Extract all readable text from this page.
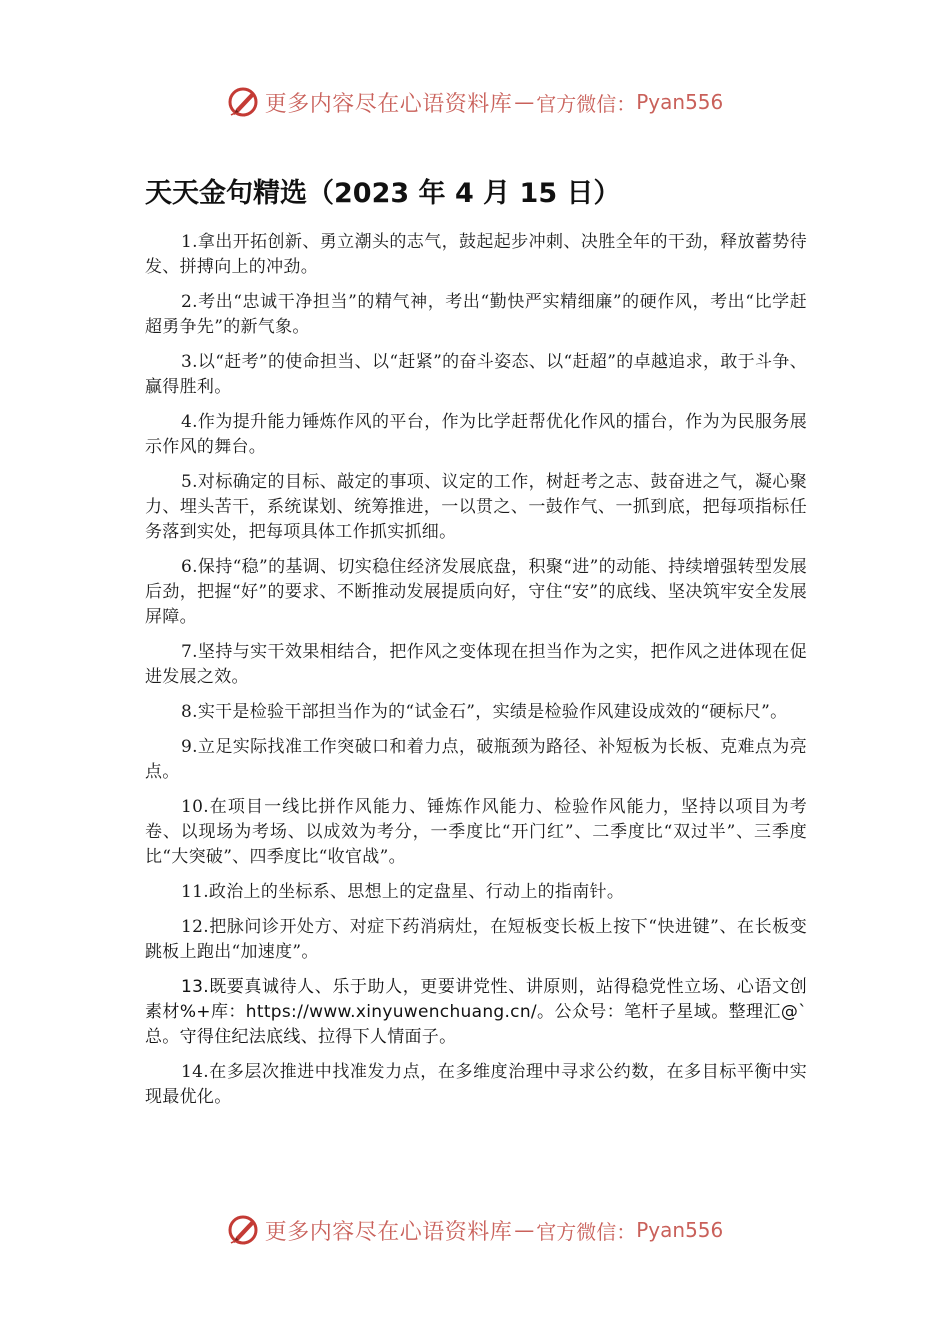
更多内容尽在心语资料库 — 官方微信： Pyan556
天天金句精选（2023 年 4 月 15 日）

1.拿出开拓创新、勇立潮头的志气，鼓起起步冲刺、决胜全年的干劲，释放蓄势待发、拼搏向上的冲劲。

2.考出“忠诚干净担当”的精气神，考出“勤快严实精细廉”的硬作风，考出“比学赶超勇争先”的新气象。

3.以“赶考”的使命担当、以“赶紧”的奋斗姿态、以“赶超”的卓越追求，敢于斗争、赢得胜利。

4.作为提升能力锤炼作风的平台，作为比学赶帮优化作风的擂台，作为为民服务展示作风的舞台。

5.对标确定的目标、敲定的事项、议定的工作，树赶考之志、鼓奋进之气，凝心聚力、埋头苦干，系统谋划、统筹推进，一以贯之、一鼓作气、一抓到底，把每项指标任务落到实处，把每项具体工作抓实抓细。

6.保持“稳”的基调、切实稳住经济发展底盘，积聚“进”的动能、持续增强转型发展后劲，把握“好”的要求、不断推动发展提质向好，守住“安”的底线、坚决筑牢安全发展屏障。

7.坚持与实干效果相结合，把作风之变体现在担当作为之实，把作风之进体现在促进发展之效。

8.实干是检验干部担当作为的“试金石”，实绩是检验作风建设成效的“硬标尺”。

9.立足实际找准工作突破口和着力点，破瓶颈为路径、补短板为长板、克难点为亮点。

10.在项目一线比拼作风能力、锤炼作风能力、检验作风能力，坚持以项目为考卷、以现场为考场、以成效为考分，一季度比“开门红”、二季度比“双过半”、三季度比“大突破”、四季度比“收官战”。

11.政治上的坐标系、思想上的定盘星、行动上的指南针。

12.把脉问诊开处方、对症下药消病灶，在短板变长板上按下“快进键”、在长板变跳板上跑出“加速度”。

13.既要真诚待人、乐于助人，更要讲党性、讲原则，站得稳党性立场、心语文创素材%+库：https://www.xinyuwenchuang.cn/。公众号：笔杆子星域。整理汇@`总。守得住纪法底线、拉得下人情面子。

14.在多层次推进中找准发力点，在多维度治理中寻求公约数，在多目标平衡中实现最优化。

更多内容尽在心语资料库 — 官方微信： Pyan556
